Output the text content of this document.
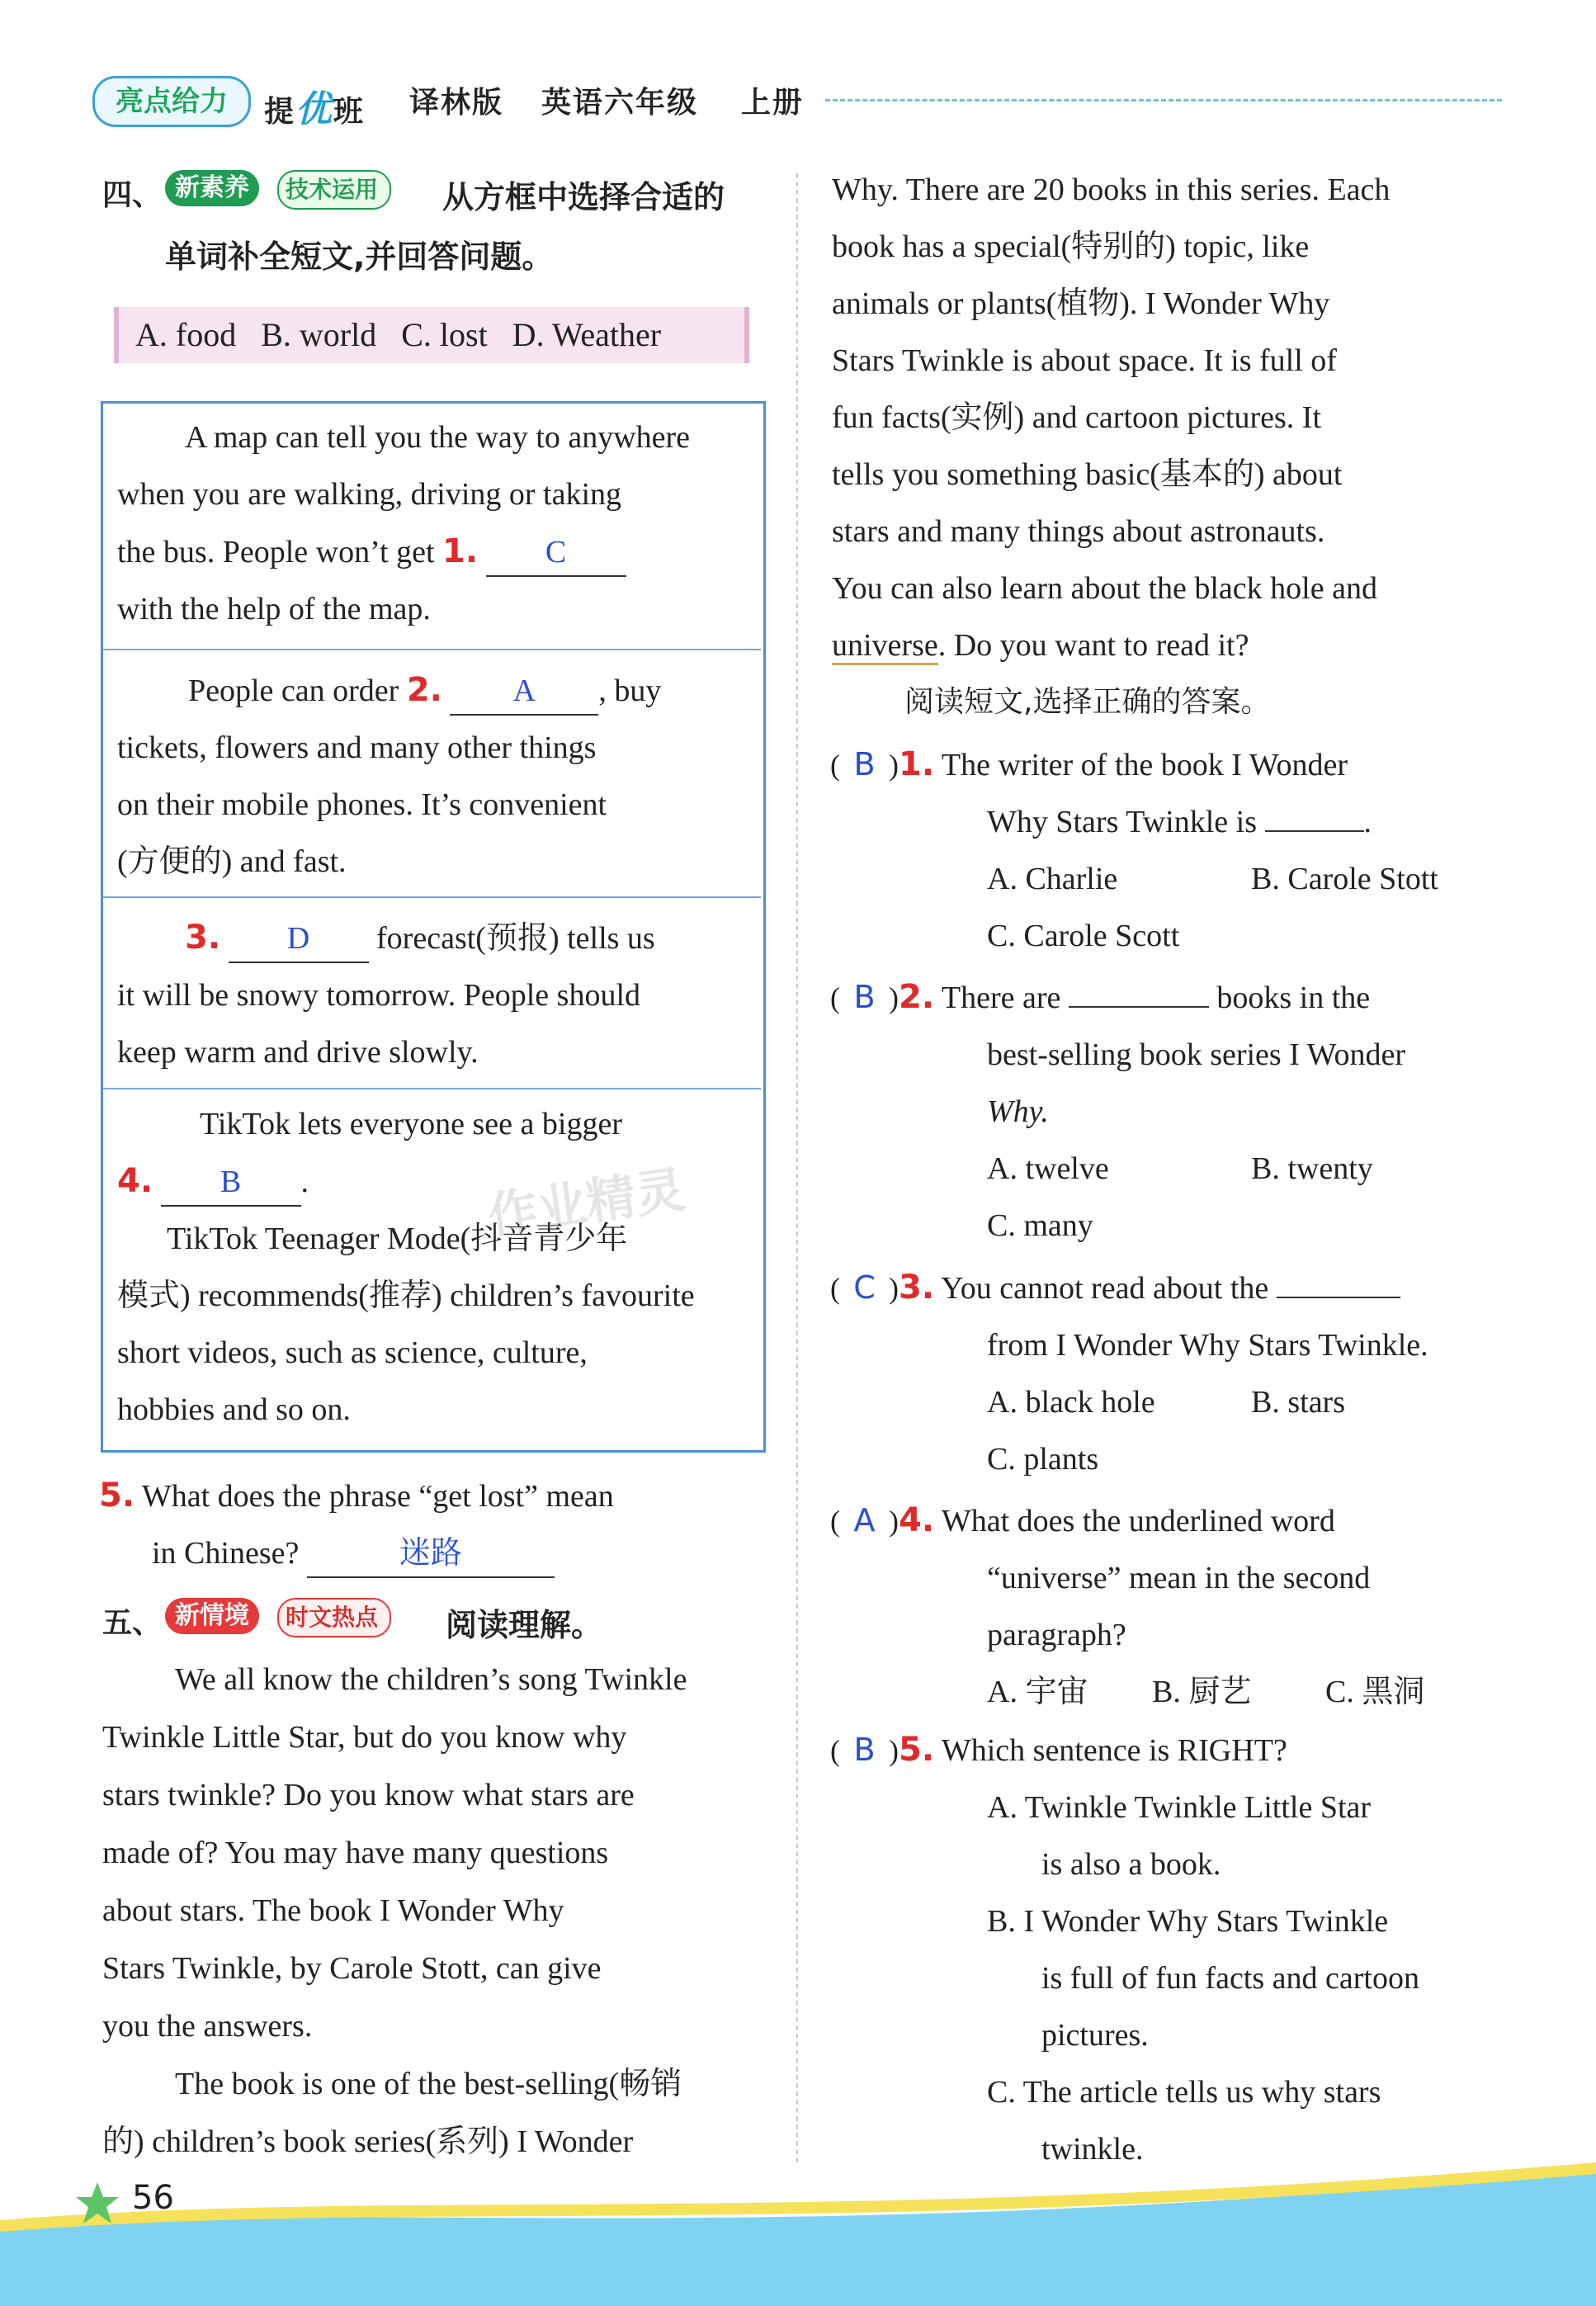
亮点给力	提优班 译林版 英语六年级 上册
四、 新素养	技术运用	从方框中选择合适的
单词补全短文,并回答问题。
A. food   B. world   C. lost   D. Weather
A map can tell you the way to anywhere
when you are walking, driving or taking
the bus. People won’t get 1. C
with the help of the map.
People can order 2. A , buy
tickets, flowers and many other things
on their mobile phones. It’s convenient
(方便的) and fast.
3. D forecast(预报) tells us
it will be snowy tomorrow. People should
keep warm and drive slowly.
TikTok lets everyone see a bigger
4. B .
TikTok Teenager Mode(抖音青少年
模式) recommends(推荐) children’s favourite
short videos, such as science, culture,
hobbies and so on.
5. What does the phrase “get lost” mean
in Chinese?	迷路
五、 新情境	时文热点	阅读理解。
We all know the children’s song Twinkle
Twinkle Little Star, but do you know why
stars twinkle? Do you know what stars are
made of? You may have many questions
about stars. The book I Wonder Why
Stars Twinkle, by Carole Stott, can give
you the answers.
The book is one of the best-selling(畅销
的) children’s book series(系列) I Wonder
Why. There are 20 books in this series. Each
book has a special(特别的) topic, like
animals or plants(植物). I Wonder Why
Stars Twinkle is about space. It is full of
fun facts(实例) and cartoon pictures. It
tells you something basic(基本的) about
stars and many things about astronauts.
You can also learn about the black hole and
universe. Do you want to read it?
阅读短文,选择正确的答案。
( B )1. The writer of the book I Wonder
Why Stars Twinkle is	.
A. Charlie	B. Carole Stott
C. Carole Scott
( B )2. There are	books in the
best-selling book series I Wonder
Why.
A. twelve	B. twenty
C. many
( C )3. You cannot read about the
from I Wonder Why Stars Twinkle.
A. black hole	B. stars
C. plants
( A )4. What does the underlined word
“universe” mean in the second
paragraph?
A. 宇宙 B. 厨艺 C. 黑洞
( B )5. Which sentence is RIGHT?
A. Twinkle Twinkle Little Star
is also a book.
B. I Wonder Why Stars Twinkle
is full of fun facts and cartoon
pictures.
C. The article tells us why stars
twinkle.
作业精灵
56
